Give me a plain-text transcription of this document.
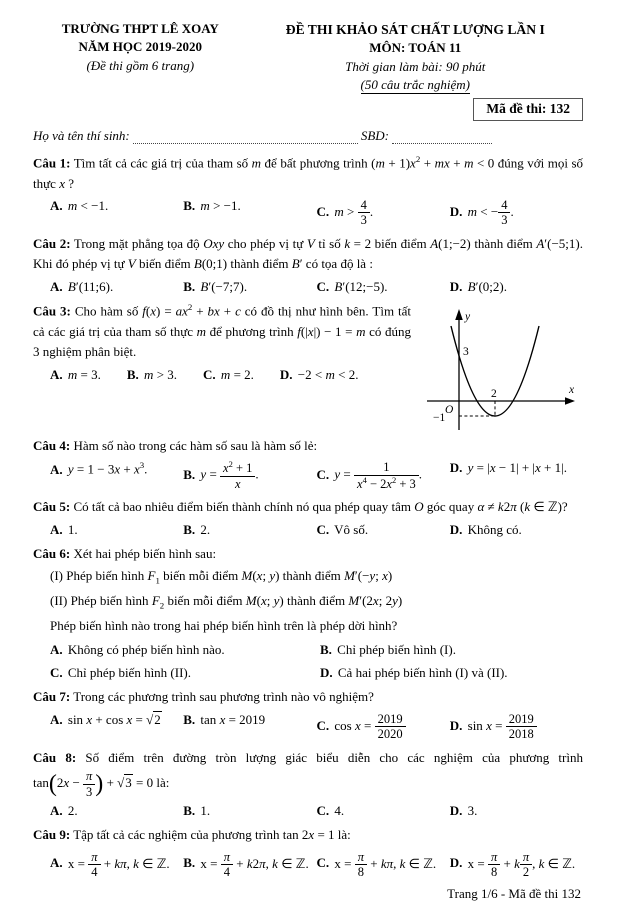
TRƯỜNG THPT LÊ XOAY
NĂM HỌC 2019-2020
(Đề thi gồm 6 trang)
ĐỀ THI KHẢO SÁT CHẤT LƯỢNG LẦN I
MÔN: TOÁN 11
Thời gian làm bài: 90 phút
(50 câu trắc nghiệm)
Mã đề thi: 132
Họ và tên thí sinh:	SBD:
Câu 1: Tìm tất cả các giá trị của tham số m để bất phương trình $(m + 1)x^2$ + mx + m < 0 đúng với mọi số thực x ?
A. m < −1.	B. m > −1.	C. $m > \frac{4}{3}$ .	D. m < − $\frac{4}{3}$ .
Câu 2: Trong mặt phẳng tọa độ Oxy cho phép vị tự V tỉ số k = 2 biến điểm A(1;−2) thành điểm A′(−5;1). Khi đó phép vị tự V biến điểm B(0;1) thành điểm B′ có tọa độ là :
A. B′(11;6).	B. B′(−7;7).	C. B′(12;−5).	D. B′(0;2).
Câu 3: Cho hàm số $f(x) = ax^2$ + bx + c có đồ thị như hình bên. Tìm tất cả các giá trị của tham số thực m để phương trình f(|x|) − 1 = m có đúng 3 nghiệm phân biệt.
A. m = 3. B. m > 3. C. m = 2. D. −2 < m < 2.
y
3
O
2	x
−1
Câu 4: Hàm số nào trong các hàm số sau là hàm số lẻ:
A. $y = 1 - 3x + x^3$.	B. $y = \frac{x^2 + 1}{x}$ .	C. $y = \frac{1}{x^4 - 2x^2 + 3}$ .	D. y = |x − 1| + |x + 1|.
Câu 5: Có tất cả bao nhiêu điểm biến thành chính nó qua phép quay tâm O góc quay α ≠ k2π (k ∈ ℤ)?
A. 1.	B. 2.	C. Vô số.	D. Không có.
Câu 6: Xét hai phép biến hình sau:
(I) Phép biến hình $F_1$ biến mỗi điểm M(x; y) thành điểm M′(−y; x)
(II) Phép biến hình $F_2$ biến mỗi điểm M(x; y) thành điểm M′(2x; 2y)
Phép biến hình nào trong hai phép biến hình trên là phép dời hình?
A. Không có phép biến hình nào.	B. Chỉ phép biến hình (I).
C. Chỉ phép biến hình (II).	D. Cả hai phép biến hình (I) và (II).
Câu 7: Trong các phương trình sau phương trình nào vô nghiệm?
A. sin x + cos x = √2	B. tan x = 2019	C. $\cos x = \frac{2019}{2020}$	D. $\sin x = \frac{2019}{2018}$
Câu 8: Số điểm trên đường tròn lượng giác biểu diễn cho các nghiệm của phương trình
$\tan(2x - \frac{\pi}{3}$ ) + √3 = 0 là:
A. 2.	B. 1.	C. 4.	D. 3.
Câu 9: Tập tất cả các nghiệm của phương trình tan 2x = 1 là:
A. $x = \frac{\pi}{4} + k\pi$, k ∈ ℤ.	B. $x = \frac{\pi}{4} + k2\pi$, k ∈ ℤ. C. $x = \frac{\pi}{8} + k\pi$, k ∈ ℤ.	D. $x = \frac{\pi}{8} + k \frac{\pi}{2}$ , k ∈ ℤ.
Trang 1/6 - Mã đề thi 132
